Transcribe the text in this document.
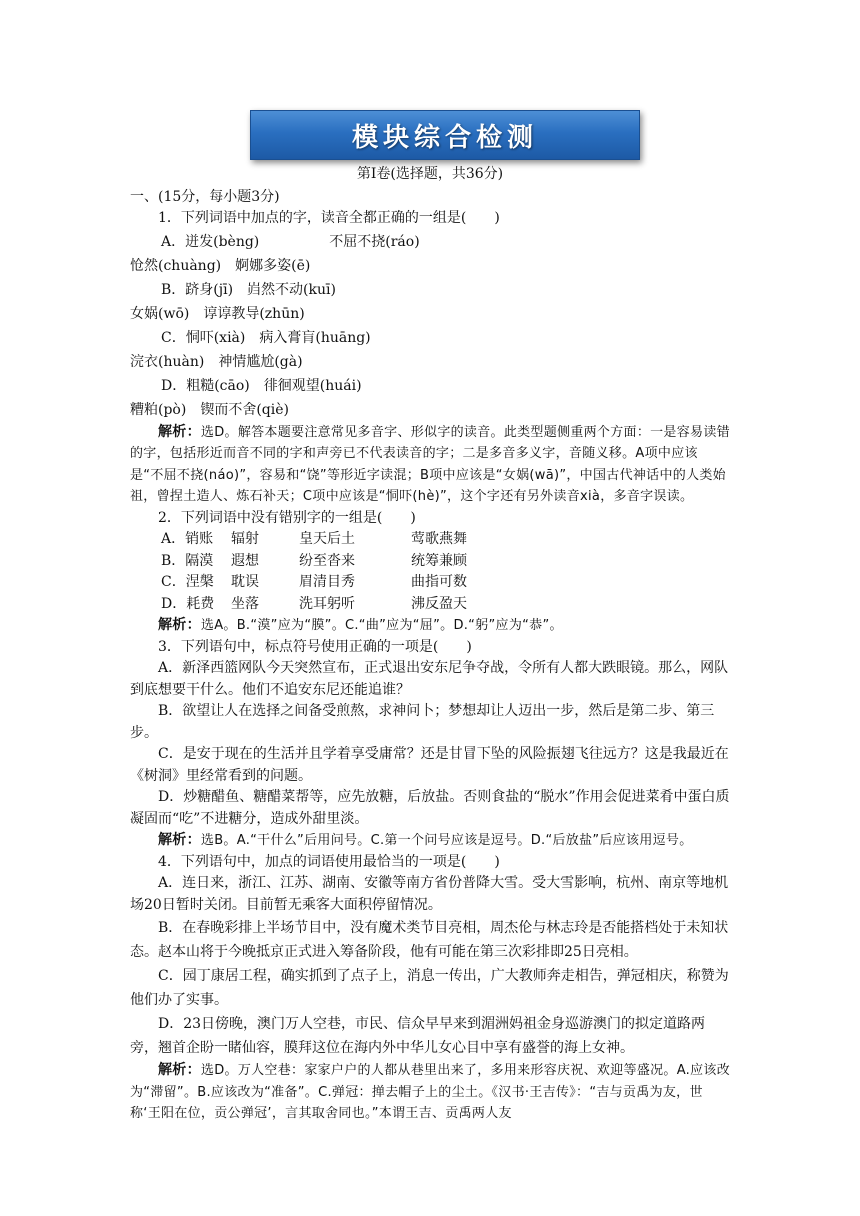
模块综合检测

第Ⅰ卷(选择题，共36分)

一、(15分，每小题3分)

1．下列词语中加点的字，读音全都正确的一组是(　　)

A．迸发(bèng)　　　　　不屈不挠(ráo)

怆然(chuàng)　婀娜多姿(ē)

B．跻身(jī)　岿然不动(kuī)

女娲(wō)　谆谆教导(zhūn)

C．恫吓(xià)　病入膏肓(huāng)

浣衣(huàn)　神情尴尬(gà)

D．粗糙(cāo)　徘徊观望(huái)

糟粕(pò)　锲而不舍(qiè)

解析：选D。解答本题要注意常见多音字、形似字的读音。此类型题侧重两个方面：一是容易读错的字，包括形近而音不同的字和声旁已不代表读音的字；二是多音多义字，音随义移。A项中应该是“不屈不挠(náo)”，容易和“饶”等形近字读混；B项中应该是“女娲(wā)”，中国古代神话中的人类始祖，曾捏土造人、炼石补天；C项中应该是“恫吓(hè)”，这个字还有另外读音xià，多音字误读。

2．下列词语中没有错别字的一组是(　　)

A．销账	辐射	皇天后土	莺歌燕舞
B．隔漠	遐想	纷至沓来	统筹兼顾
C．涅槃	耽误	眉清目秀	曲指可数
D．耗费	坐落	洗耳躬听	沸反盈天

解析：选A。B.“漠”应为“膜”。C.“曲”应为“屈”。D.“躬”应为“恭”。

3．下列语句中，标点符号使用正确的一项是(　　)

A．新泽西篮网队今天突然宣布，正式退出安东尼争夺战，令所有人都大跌眼镜。那么，网队到底想要干什么。他们不追安东尼还能追谁？

B．欲望让人在选择之间备受煎熬，求神问卜；梦想却让人迈出一步，然后是第二步、第三步。

C．是安于现在的生活并且学着享受庸常？还是甘冒下坠的风险振翅飞往远方？这是我最近在《树洞》里经常看到的问题。

D．炒糖醋鱼、糖醋菜帮等，应先放糖，后放盐。否则食盐的“脱水”作用会促进菜肴中蛋白质凝固而“吃”不进糖分，造成外甜里淡。

解析：选B。A.“干什么”后用问号。C.第一个问号应该是逗号。D.“后放盐”后应该用逗号。

4．下列语句中，加点的词语使用最恰当的一项是(　　)

A．连日来，浙江、江苏、湖南、安徽等南方省份普降大雪。受大雪影响，杭州、南京等地机场20日暂时关闭。目前暂无乘客大面积停留情况。

B．在春晚彩排上半场节目中，没有魔术类节目亮相，周杰伦与林志玲是否能搭档处于未知状态。赵本山将于今晚抵京正式进入筹备阶段，他有可能在第三次彩排即25日亮相。

C．园丁康居工程，确实抓到了点子上，消息一传出，广大教师奔走相告，弹冠相庆，称赞为他们办了实事。

D．23日傍晚，澳门万人空巷，市民、信众早早来到湄洲妈祖金身巡游澳门的拟定道路两旁，翘首企盼一睹仙容，膜拜这位在海内外中华儿女心目中享有盛誉的海上女神。

解析：选D。万人空巷：家家户户的人都从巷里出来了，多用来形容庆祝、欢迎等盛况。A.应该改为“滞留”。B.应该改为“准备”。C.弹冠：掸去帽子上的尘土。《汉书·王吉传》：“吉与贡禹为友，世称‘王阳在位，贡公弹冠’，言其取舍同也。”本谓王吉、贡禹两人友
